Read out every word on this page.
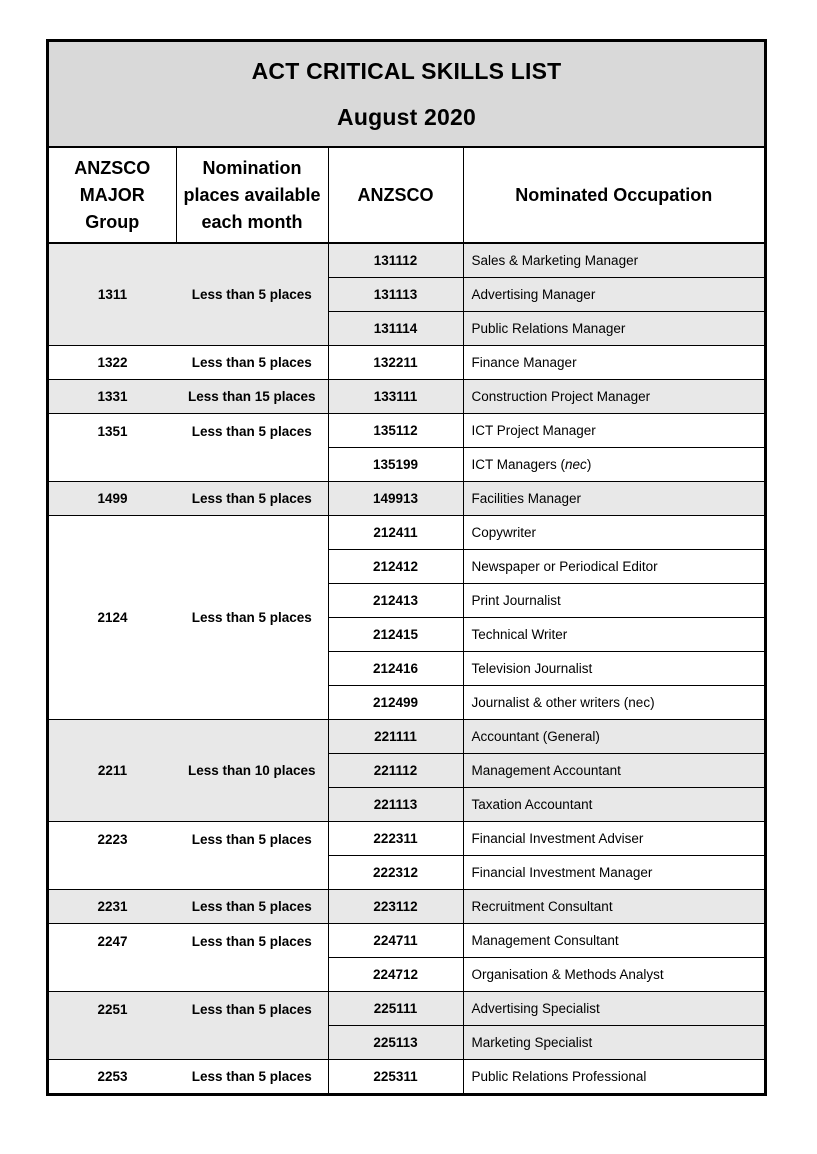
ACT CRITICAL SKILLS LIST
August 2020
ANZSCO MAJOR Group	Nomination places available each month	ANZSCO	Nominated Occupation
1311	Less than 5 places	131112	Sales & Marketing Manager
		131113	Advertising Manager
		131114	Public Relations Manager
1322	Less than 5 places	132211	Finance Manager
1331	Less than 15 places	133111	Construction Project Manager
1351	Less than 5 places	135112	ICT Project Manager
		135199	ICT Managers (nec)
1499	Less than 5 places	149913	Facilities Manager
2124	Less than 5 places	212411	Copywriter
		212412	Newspaper or Periodical Editor
		212413	Print Journalist
		212415	Technical Writer
		212416	Television Journalist
		212499	Journalist & other writers (nec)
2211	Less than 10 places	221111	Accountant (General)
		221112	Management Accountant
		221113	Taxation Accountant
2223	Less than 5 places	222311	Financial Investment Adviser
		222312	Financial Investment Manager
2231	Less than 5 places	223112	Recruitment Consultant
2247	Less than 5 places	224711	Management Consultant
		224712	Organisation & Methods Analyst
2251	Less than 5 places	225111	Advertising Specialist
		225113	Marketing Specialist
2253	Less than 5 places	225311	Public Relations Professional
